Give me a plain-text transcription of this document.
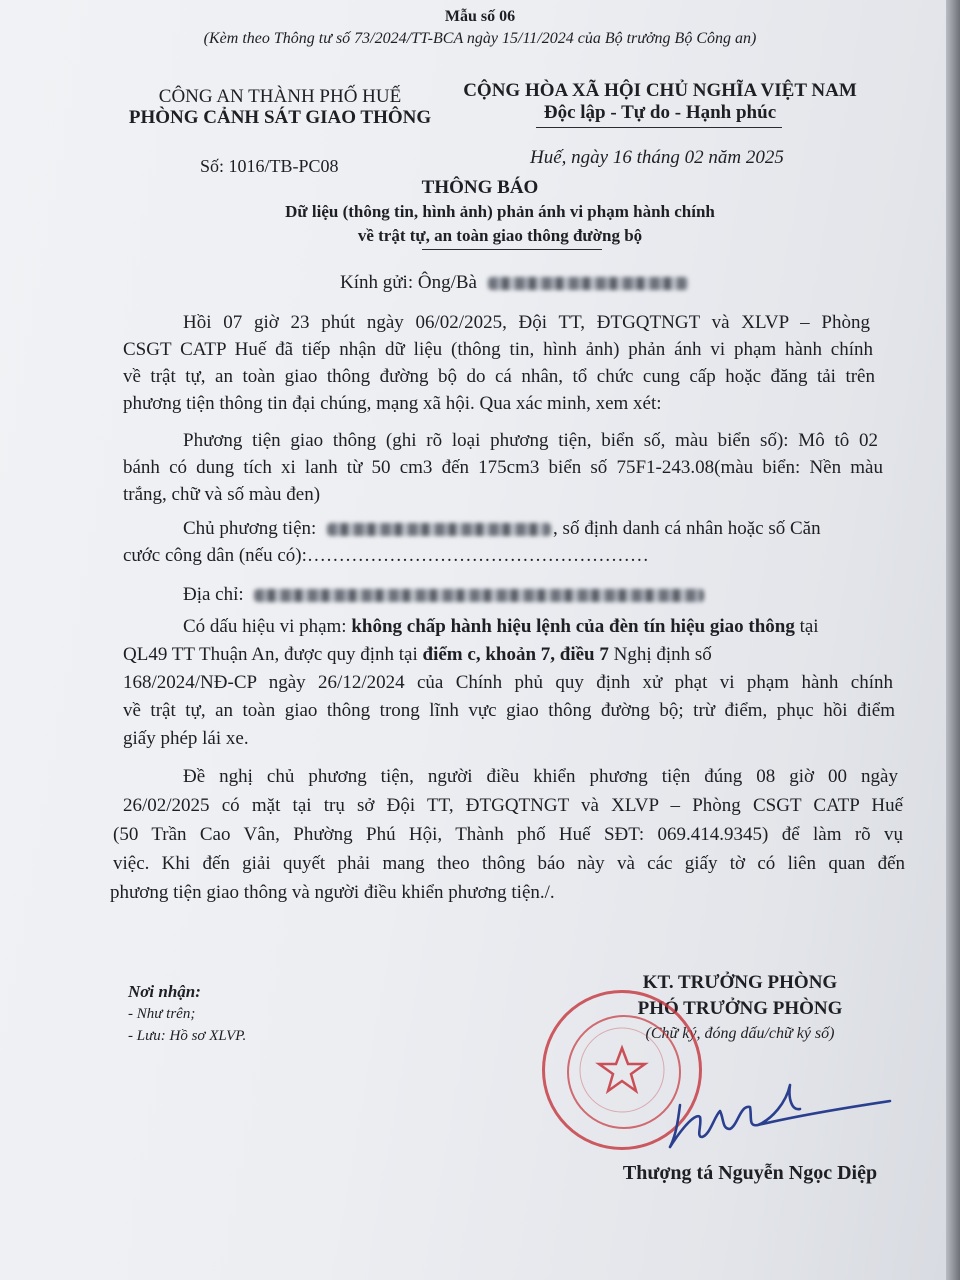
Mẫu số 06
(Kèm theo Thông tư số 73/2024/TT-BCA ngày 15/11/2024 của Bộ trưởng Bộ Công an)
CÔNG AN THÀNH PHỐ HUẾ
PHÒNG CẢNH SÁT GIAO THÔNG
Số: 1016/TB-PC08
CỘNG HÒA XÃ HỘI CHỦ NGHĨA VIỆT NAM
Độc lập - Tự do - Hạnh phúc
Huế, ngày 16 tháng 02 năm 2025
THÔNG BÁO
Dữ liệu (thông tin, hình ảnh) phản ánh vi phạm hành chính
về trật tự, an toàn giao thông đường bộ
Kính gửi: Ông/Bà
Hồi 07 giờ 23 phút ngày 06/02/2025, Đội TT, ĐTGQTNGT và XLVP – Phòng
CSGT CATP Huế đã tiếp nhận dữ liệu (thông tin, hình ảnh) phản ánh vi phạm hành chính
về trật tự, an toàn giao thông đường bộ do cá nhân, tổ chức cung cấp hoặc đăng tải trên
phương tiện thông tin đại chúng, mạng xã hội. Qua xác minh, xem xét:
Phương tiện giao thông (ghi rõ loại phương tiện, biển số, màu biển số): Mô tô 02
bánh có dung tích xi lanh từ 50 cm3 đến 175cm3 biển số 75F1-243.08(màu biển: Nền màu
trắng, chữ và số màu đen)
Chủ phương tiện:	, số định danh cá nhân hoặc số Căn
cước công dân (nếu có):………………………………………………
Địa chỉ:
Có dấu hiệu vi phạm: không chấp hành hiệu lệnh của đèn tín hiệu giao thông tại
QL49 TT Thuận An, được quy định tại điểm c, khoản 7, điều 7 Nghị định số
168/2024/NĐ-CP ngày 26/12/2024 của Chính phủ quy định xử phạt vi phạm hành chính
về trật tự, an toàn giao thông trong lĩnh vực giao thông đường bộ; trừ điểm, phục hồi điểm
giấy phép lái xe.
Đề nghị chủ phương tiện, người điều khiển phương tiện đúng 08 giờ 00 ngày
26/02/2025 có mặt tại trụ sở Đội TT, ĐTGQTNGT và XLVP – Phòng CSGT CATP Huế
(50 Trần Cao Vân, Phường Phú Hội, Thành phố Huế SĐT: 069.414.9345) để làm rõ vụ
việc. Khi đến giải quyết phải mang theo thông báo này và các giấy tờ có liên quan đến
phương tiện giao thông và người điều khiển phương tiện./.
Nơi nhận:
- Như trên;
- Lưu: Hồ sơ XLVP.
KT. TRƯỞNG PHÒNG
PHÓ TRƯỞNG PHÒNG
(Chữ ký, đóng dấu/chữ ký số)
Thượng tá Nguyễn Ngọc Diệp
